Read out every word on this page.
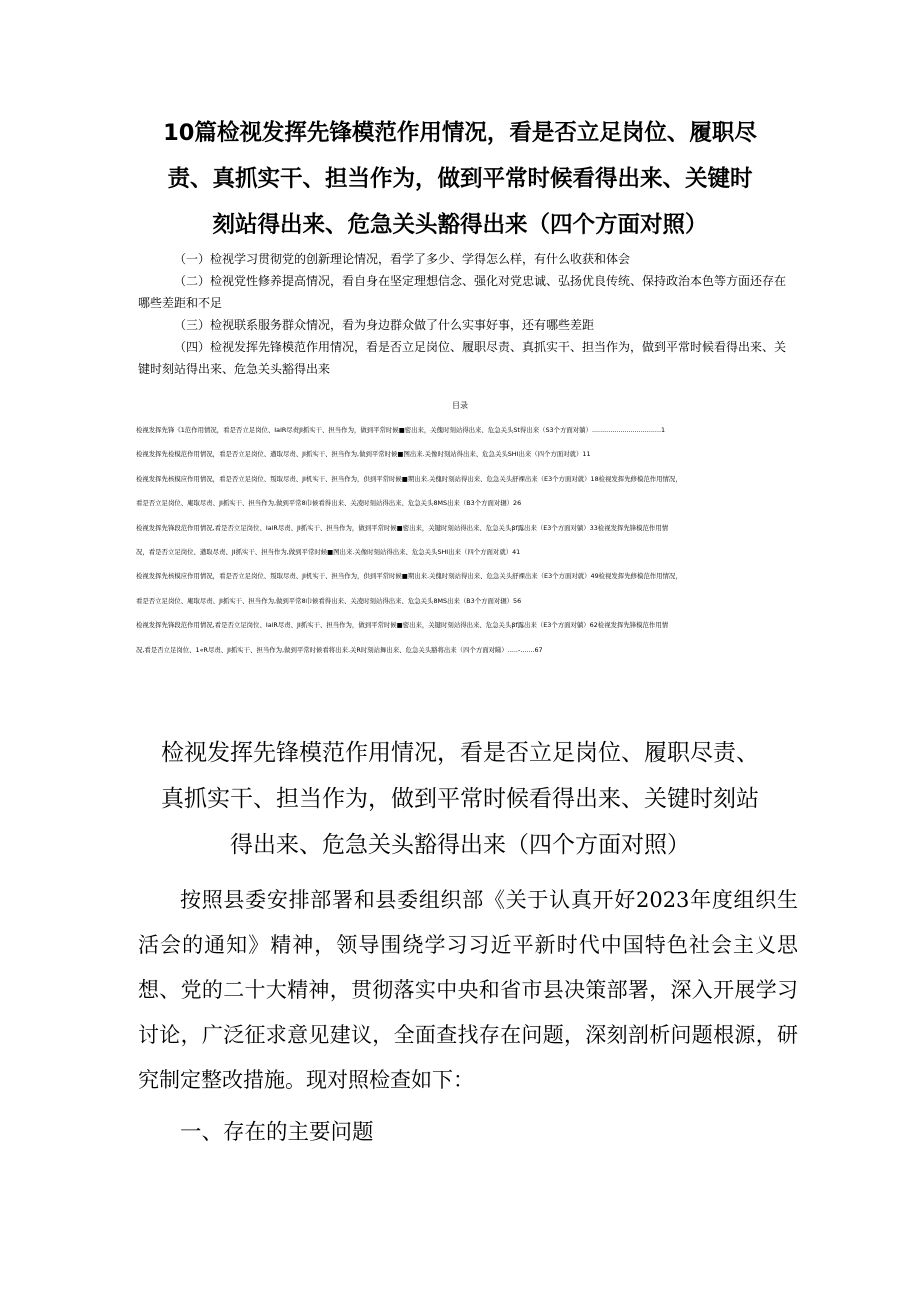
10篇检视发挥先锋模范作用情况，看是否立足岗位、履职尽
责、真抓实干、担当作为，做到平常时候看得出来、关键时
刻站得出来、危急关头豁得出来（四个方面对照）

（一）检视学习贯彻党的创新理论情况，看学了多少、学得怎么样，有什么收获和体会

（二）检视党性修养提高情况，看自身在坚定理想信念、强化对党忠诚、弘扬优良传统、保持政治本色等方面还存在哪些差距和不足

（三）检视联系服务群众情况，看为身边群众做了什么实事好事，还有哪些差距

（四）检视发挥先锋模范作用情况，看是否立足岗位、履职尽责、真抓实干、担当作为，做到平常时候看得出来、关键时刻站得出来、危急关头豁得出来

目录

检视发挥先锋《1范作用情况，看是否立足岗位、IalR尽责JI抓实干、担当作为，做到平常时候■密出来，关傀时刻站得出来、危急关头St得出来（S3个方面对躺）..................................1

检视发挥先检模范作用情况，看是否立足岗位、遒取尽责、JI抓实干、担当作为,做到平常时候■图出来.关像时刻站得出来、危急关头SHI出来（四个方面对就）11

检视发挥先核模应作用情况，看是否立足岗位、叛取尽责、JI机实干、担当作为，供到平常时候■期出来.关傀时刻站得出来、危急关头舒裸出来（E3个方面对就）18检视发挥先修模范作用情况，

看是否立足岗位、庵取尽责、JI抓实干、担当作为,做到平常8巾候看得出来、关凌时刻站得出来、危急关头8MS出来（B3个方面对辗）26

检视发挥先锋段范作用情况,看是否立足岗位、IalR尽责、JI抓实干、担当作为，做到平常时候■密出来，关键时刻站得出来、危急关头βf露出来（E3个方面对躺）33检视发挥先锋模范作用情

况，看是否立足岗位、遒取尽责、JI抓实干、担当作为,做到平常时候■图出来.关像时刻站得出来、危急关头SHI出来（四个方面对就）41

检视发挥先核模应作用情况，看是否立足岗位、叛取尽责、JI机实干、担当作为，供到平常时候■期出来.关傀时刻站得出来、危急关头舒裸出来（E3个方面对就）49检视发挥先修模范作用情况，

看是否立足岗位、庵取尽责、JI抓实干、担当作为,做到平常8巾候看得出来、关凌时刻站得出来、危急关头8MS出来（B3个方面对辗）56

检视发挥先锋段范作用情况,看是否立足岗位、IalR尽责、JI抓实干、担当作为，做到平常时候■密出来，关键时刻站得出来、危急关头βf露出来（E3个方面对躺）62检视发挥先锋模范作用情

况,看是否立足岗位、1«R尽责、JI抓实干、担当作为,做到平常时候看将出来.关R时刻站舞出来、危急关头豁将出来（四个方面对睇）.....-.......67

检视发挥先锋模范作用情况，看是否立足岗位、履职尽责、
真抓实干、担当作为，做到平常时候看得出来、关键时刻站
得出来、危急关头豁得出来（四个方面对照）

按照县委安排部署和县委组织部《关于认真开好2023年度组织生活会的通知》精神，领导围绕学习习近平新时代中国特色社会主义思想、党的二十大精神，贯彻落实中央和省市县决策部署，深入开展学习讨论，广泛征求意见建议，全面查找存在问题，深刻剖析问题根源，研究制定整改措施。现对照检查如下：

一、存在的主要问题
